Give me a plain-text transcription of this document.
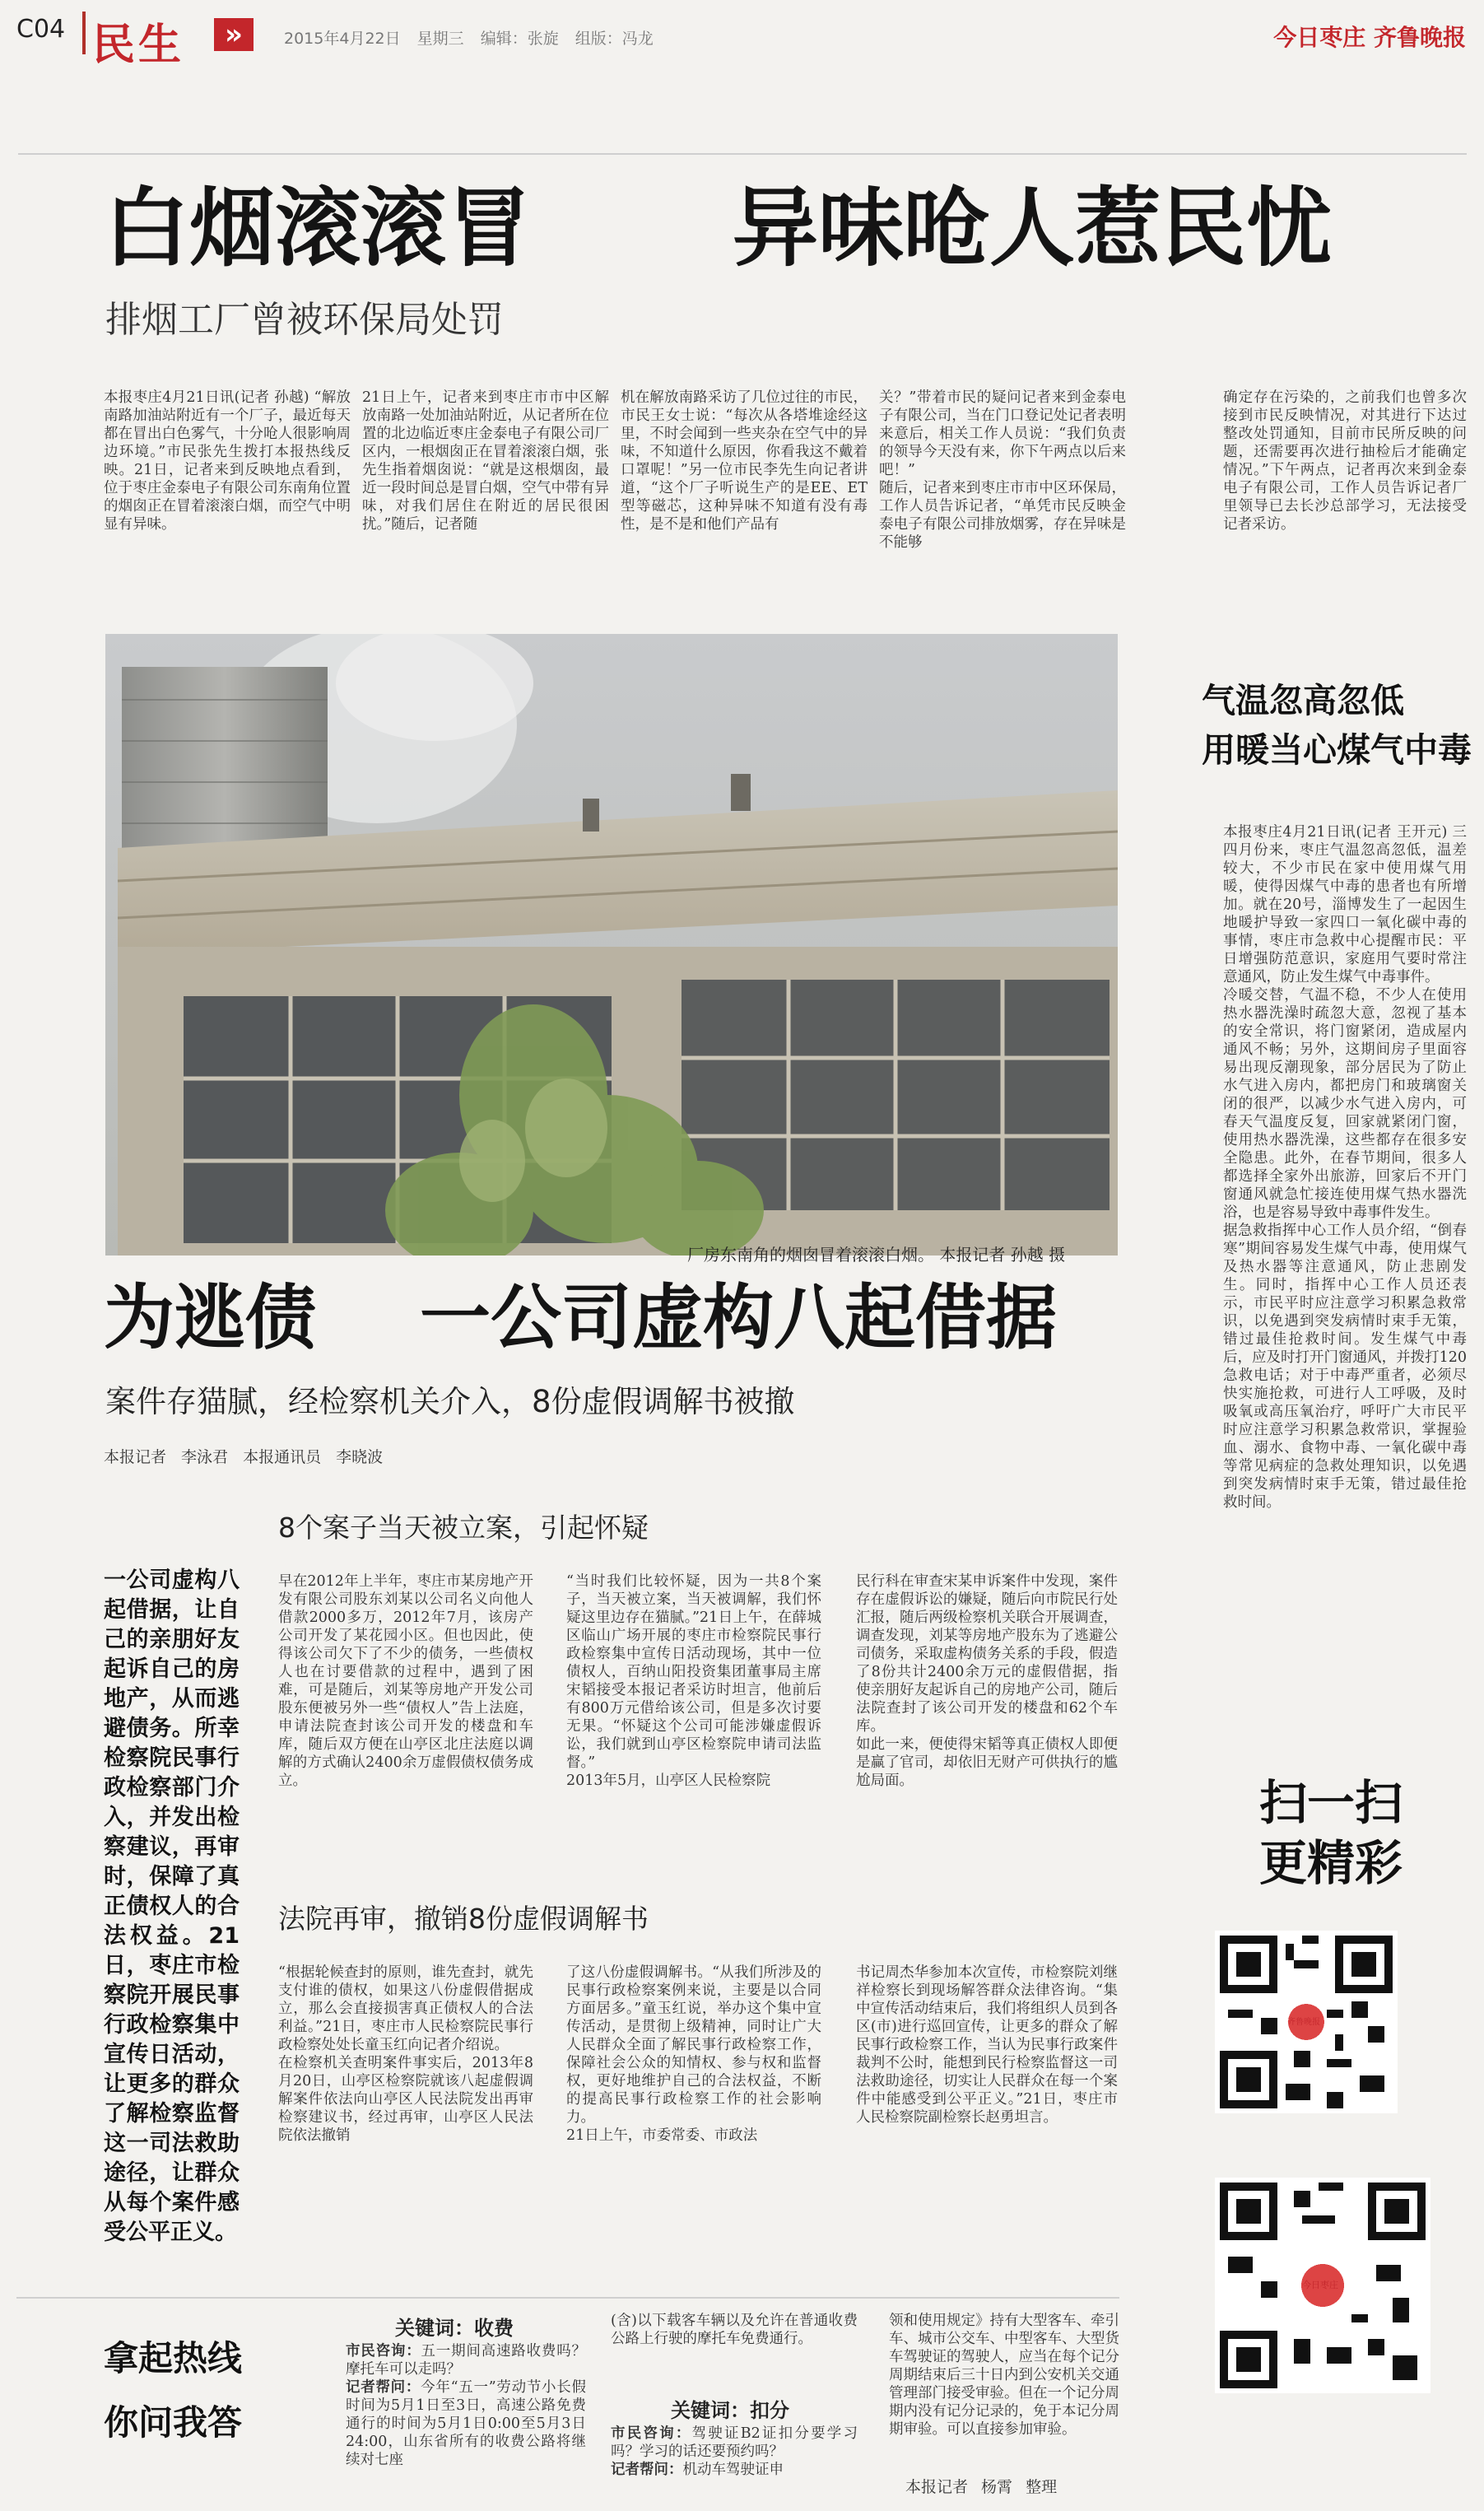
C04 民生	»	2015年4月22日 星期三 编辑：张旋 组版：冯龙	今日枣庄 齐鲁晚报
白烟滚滚冒 异味呛人惹民忧
排烟工厂曾被环保局处罚
本报枣庄4月21日讯(记者 孙越) “解放南路加油站附近有一个厂子，最近每天都在冒出白色雾气，十分呛人很影响周边环境。”市民张先生拨打本报热线反映。21日，记者来到反映地点看到，位于枣庄金泰电子有限公司东南角位置的烟囱正在冒着滚滚白烟，而空气中明显有异味。
21日上午，记者来到枣庄市市中区解放南路一处加油站附近，从记者所在位置的北边临近枣庄金泰电子有限公司厂区内，一根烟囱正在冒着滚滚白烟，张先生指着烟囱说：“就是这根烟囱，最近一段时间总是冒白烟，空气中带有异味，对我们居住在附近的居民很困扰。”随后，记者随
机在解放南路采访了几位过往的市民，市民王女士说：“每次从各塔堆途经这里，不时会闻到一些夹杂在空气中的异味，不知道什么原因，你看我这不戴着口罩呢！”另一位市民李先生向记者讲道，“这个厂子听说生产的是EE、ET型等磁芯，这种异味不知道有没有毒性，是不是和他们产品有
关？”带着市民的疑问记者来到金泰电子有限公司，当在门口登记处记者表明来意后，相关工作人员说：“我们负责的领导今天没有来，你下午两点以后来吧！”
随后，记者来到枣庄市市中区环保局，工作人员告诉记者，“单凭市民反映金泰电子有限公司排放烟雾，存在异味是不能够
确定存在污染的，之前我们也曾多次接到市民反映情况，对其进行下达过整改处罚通知，目前市民所反映的问题，还需要再次进行抽检后才能确定情况。”下午两点，记者再次来到金泰电子有限公司，工作人员告诉记者厂里领导已去长沙总部学习，无法接受记者采访。
厂房东南角的烟囱冒着滚滚白烟。 本报记者 孙越 摄
为逃债 一公司虚构八起借据
案件存猫腻，经检察机关介入，8份虚假调解书被撤
本报记者 李泳君 本报通讯员 李晓波
一公司虚构八起借据，让自己的亲朋好友起诉自己的房地产，从而逃避债务。所幸检察院民事行政检察部门介入，并发出检察建议，再审时，保障了真正债权人的合法权益。21日，枣庄市检察院开展民事行政检察集中宣传日活动，让更多的群众了解检察监督这一司法救助途径，让群众从每个案件感受公平正义。
8个案子当天被立案，引起怀疑
早在2012年上半年，枣庄市某房地产开发有限公司股东刘某以公司名义向他人借款2000多万，2012年7月，该房产公司开发了某花园小区。但也因此，使得该公司欠下了不少的债务，一些债权人也在讨要借款的过程中，遇到了困难，可是随后，刘某等房地产开发公司股东便被另外一些“债权人”告上法庭，申请法院查封该公司开发的楼盘和车库，随后双方便在山亭区北庄法庭以调解的方式确认2400余万虚假债权债务成立。
“当时我们比较怀疑，因为一共8个案子，当天被立案，当天被调解，我们怀疑这里边存在猫腻。”21日上午，在薛城区临山广场开展的枣庄市检察院民事行政检察集中宣传日活动现场，其中一位债权人，百纳山阳投资集团董事局主席宋韬接受本报记者采访时坦言，他前后有800万元借给该公司，但是多次讨要无果。“怀疑这个公司可能涉嫌虚假诉讼，我们就到山亭区检察院申请司法监督。”
2013年5月，山亭区人民检察院
民行科在审查宋某申诉案件中发现，案件存在虚假诉讼的嫌疑，随后向市院民行处汇报，随后两级检察机关联合开展调查，调查发现，刘某等房地产股东为了逃避公司债务，采取虚构债务关系的手段，假造了8份共计2400余万元的虚假借据，指使亲朋好友起诉自己的房地产公司，随后法院查封了该公司开发的楼盘和62个车库。
如此一来，便使得宋韬等真正债权人即便是赢了官司，却依旧无财产可供执行的尴尬局面。
法院再审，撤销8份虚假调解书
“根据轮候查封的原则，谁先查封，就先支付谁的债权，如果这八份虚假借据成立，那么会直接损害真正债权人的合法利益。”21日，枣庄市人民检察院民事行政检察处处长童玉红向记者介绍说。
在检察机关查明案件事实后，2013年8月20日，山亭区检察院就该八起虚假调解案件依法向山亭区人民法院发出再审检察建议书，经过再审，山亭区人民法院依法撤销
了这八份虚假调解书。“从我们所涉及的民事行政检察案例来说，主要是以合同方面居多。”童玉红说，举办这个集中宣传活动，是贯彻上级精神，同时让广大人民群众全面了解民事行政检察工作，保障社会公众的知情权、参与权和监督权，更好地维护自己的合法权益，不断的提高民事行政检察工作的社会影响力。
21日上午，市委常委、市政法
书记周杰华参加本次宣传，市检察院刘继祥检察长到现场解答群众法律咨询。“集中宣传活动结束后，我们将组织人员到各区(市)进行巡回宣传，让更多的群众了解民事行政检察工作，当认为民事行政案件裁判不公时，能想到民行检察监督这一司法救助途径，切实让人民群众在每一个案件中能感受到公平正义。”21日，枣庄市人民检察院副检察长赵勇坦言。
气温忽高忽低
用暖当心煤气中毒
本报枣庄4月21日讯(记者 王开元) 三四月份来，枣庄气温忽高忽低，温差较大，不少市民在家中使用煤气用暖，使得因煤气中毒的患者也有所增加。就在20号，淄博发生了一起因生地暖护导致一家四口一氧化碳中毒的事情，枣庄市急救中心提醒市民：平日增强防范意识，家庭用气要时常注意通风，防止发生煤气中毒事件。
冷暖交替，气温不稳，不少人在使用热水器洗澡时疏忽大意，忽视了基本的安全常识，将门窗紧闭，造成屋内通风不畅；另外，这期间房子里面容易出现反潮现象，部分居民为了防止水气进入房内，都把房门和玻璃窗关闭的很严，以减少水气进入房内，可春天气温度反复，回家就紧闭门窗，使用热水器洗澡，这些都存在很多安全隐患。此外，在春节期间，很多人都选择全家外出旅游，回家后不开门窗通风就急忙接连使用煤气热水器洗浴，也是容易导致中毒事件发生。
据急救指挥中心工作人员介绍，“倒春寒”期间容易发生煤气中毒，使用煤气及热水器等注意通风，防止悲剧发生。同时，指挥中心工作人员还表示，市民平时应注意学习积累急救常识，以免遇到突发病情时束手无策，错过最佳抢救时间。发生煤气中毒后，应及时打开门窗通风，并拨打120急救电话；对于中毒严重者，必须尽快实施抢救，可进行人工呼吸，及时吸氧或高压氧治疗，呼吁广大市民平时应注意学习积累急救常识，掌握验血、溺水、食物中毒、一氧化碳中毒等常见病症的急救处理知识，以免遇到突发病情时束手无策，错过最佳抢救时间。
扫一扫
更精彩
齐鲁晚报
今日枣庄
拿起热线
你问我答
关键词：收费
市民咨询：五一期间高速路收费吗？摩托车可以走吗？
记者帮问：今年“五一”劳动节小长假时间为5月1日至3日，高速公路免费通行的时间为5月1日0:00至5月3日24:00，山东省所有的收费公路将继续对七座
(含)以下载客车辆以及允许在普通收费公路上行驶的摩托车免费通行。
关键词：扣分
市民咨询：驾驶证B2证扣分要学习吗？学习的话还要预约吗？
记者帮问：机动车驾驶证申
领和使用规定》持有大型客车、牵引车、城市公交车、中型客车、大型货车驾驶证的驾驶人，应当在每个记分周期结束后三十日内到公安机关交通管理部门接受审验。但在一个记分周期内没有记分记录的，免于本记分周期审验。可以直接参加审验。
本报记者 杨霄 整理
